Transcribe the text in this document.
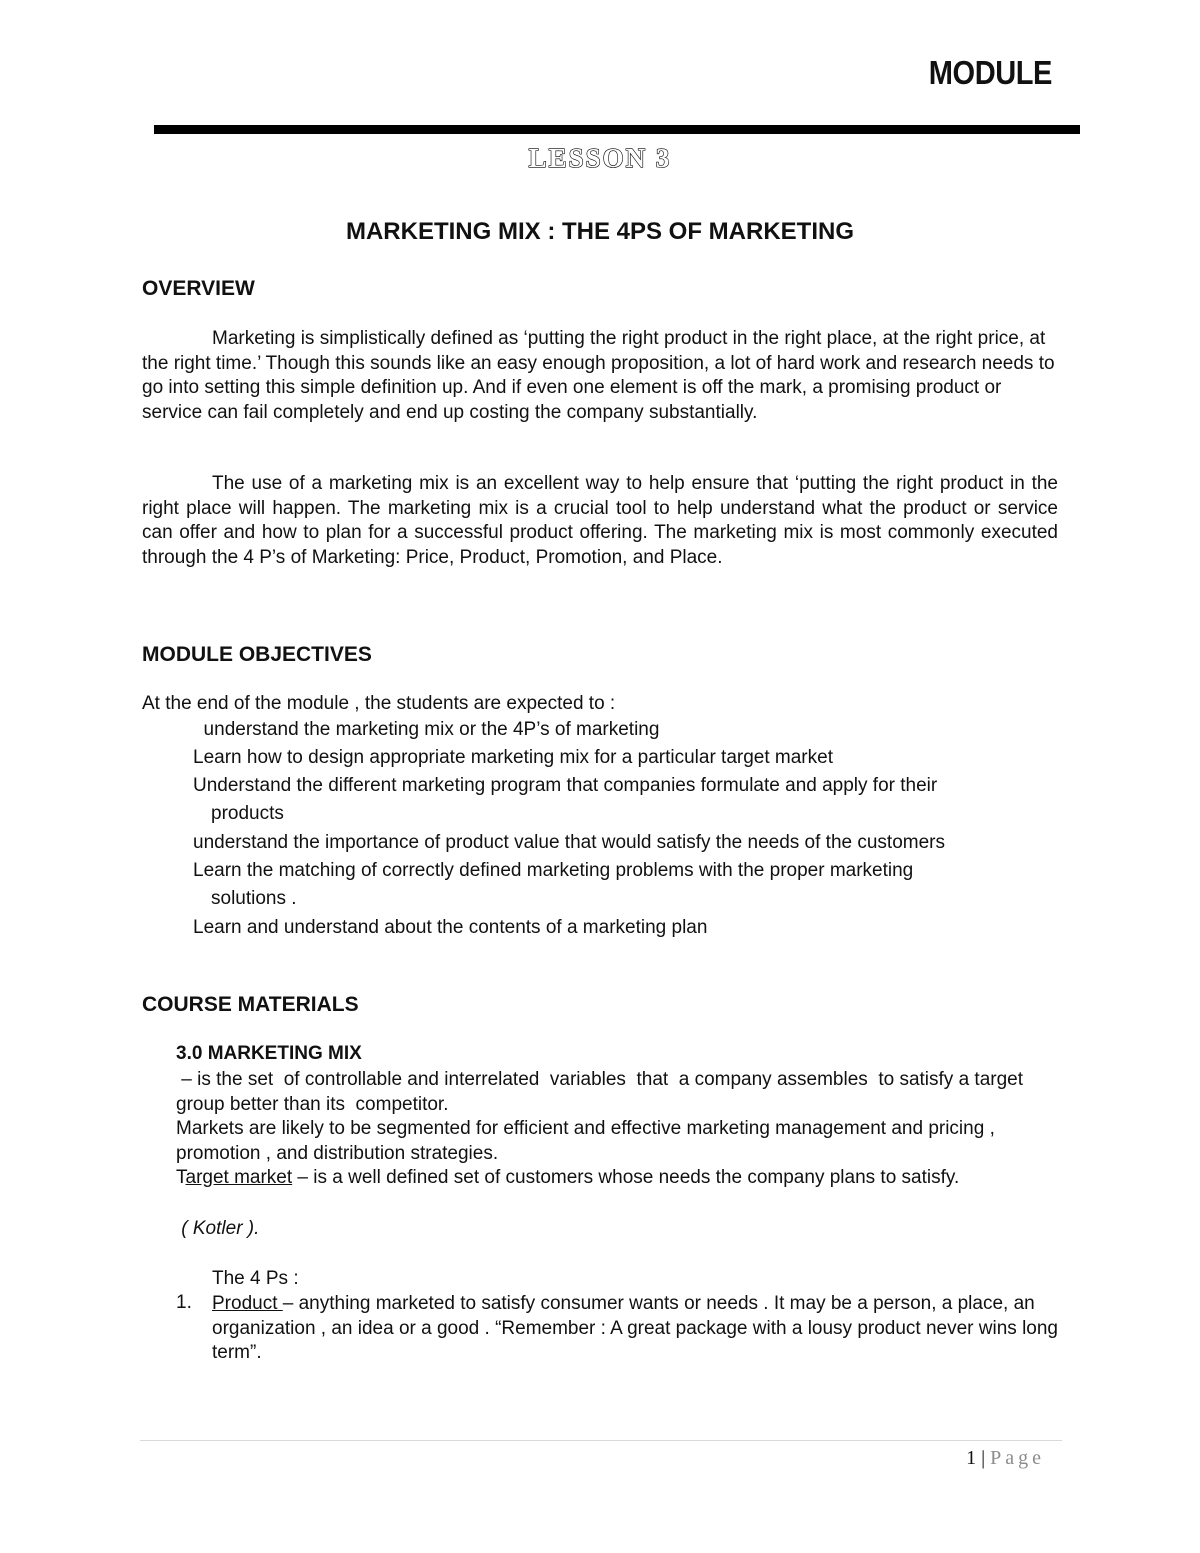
MODULE
LESSON 3
MARKETING MIX : THE 4PS OF MARKETING
OVERVIEW

Marketing is simplistically defined as ‘putting the right product in the right place, at the right price, at the right time.’ Though this sounds like an easy enough proposition, a lot of hard work and research needs to go into setting this simple definition up. And if even one element is off the mark, a promising product or service can fail completely and end up costing the company substantially.

The use of a marketing mix is an excellent way to help ensure that ‘putting the right product in the right place will happen. The marketing mix is a crucial tool to help understand what the product or service can offer and how to plan for a successful product offering. The marketing mix is most commonly executed through the 4 P’s of Marketing: Price, Product, Promotion, and Place.

MODULE OBJECTIVES
At the end of the module , the students are expected to :
understand the marketing mix or the 4P’s of marketing
Learn how to design appropriate marketing mix for a particular target market
Understand the different marketing program that companies formulate and apply for their
products
understand the importance of product value that would satisfy the needs of the customers
Learn the matching of correctly defined marketing problems with the proper marketing
solutions .
Learn and understand about the contents of a marketing plan
COURSE MATERIALS
3.0 MARKETING MIX

– is the set  of controllable and interrelated  variables  that  a company assembles  to satisfy a target group better than its  competitor.

Markets are likely to be segmented for efficient and effective marketing management and pricing , promotion , and distribution strategies.

Target market – is a well defined set of customers whose needs the company plans to satisfy.

( Kotler ).
The 4 Ps :
1. Product – anything marketed to satisfy consumer wants or needs . It may be a person, a place, an organization , an idea or a good . “Remember : A great package with a lousy product never wins long term”.

1 | Page
